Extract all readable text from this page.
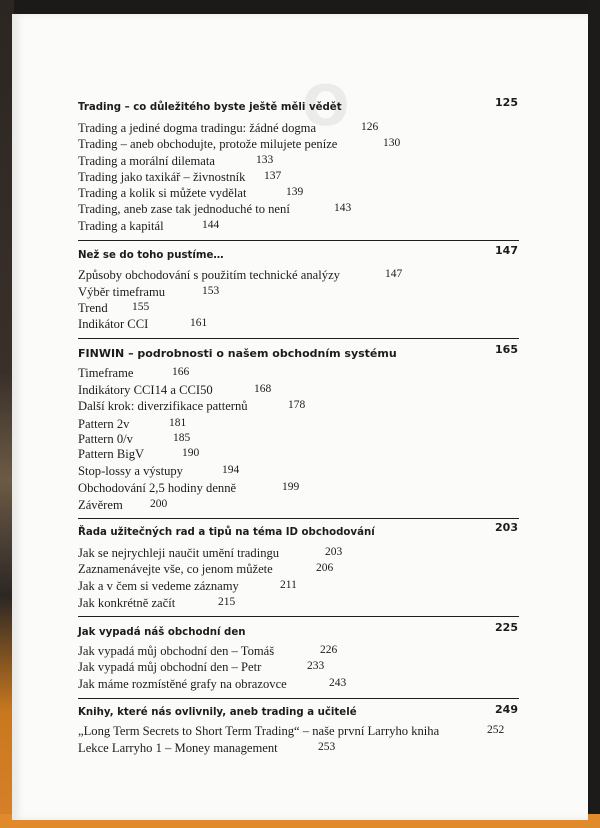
O
Trading – co důležitého byste ještě měli vědět	125
Trading a jediné dogma tradingu: žádné dogma	126
Trading – aneb obchodujte, protože milujete peníze	130
Trading a morální dilemata	133
Trading jako taxikář – živnostník 137
Trading a kolik si můžete vydělat	139
Trading, aneb zase tak jednoduché to není	143
Trading a kapitál	144
Než se do toho pustíme…	147
Způsoby obchodování s použitím technické analýzy	147
Výběr timeframu	153
Trend 155
Indikátor CCI	161
FINWIN – podrobnosti o našem obchodním systému	165
Timeframe	166
Indikátory CCI14 a CCI50	168
Další krok: diverzifikace patternů	178
Pattern 2v	181
Pattern 0/v	185
Pattern BigV	190
Stop-lossy a výstupy	194
Obchodování 2,5 hodiny denně	199
Závěrem 200
Řada užitečných rad a tipů na téma ID obchodování	203
Jak se nejrychleji naučit umění tradingu	203
Zaznamenávejte vše, co jenom můžete	206
Jak a v čem si vedeme záznamy	211
Jak konkrétně začít	215
Jak vypadá náš obchodní den	225
Jak vypadá můj obchodní den – Tomáš	226
Jak vypadá můj obchodní den – Petr	233
Jak máme rozmístěné grafy na obrazovce	243
Knihy, které nás ovlivnily, aneb trading a učitelé	249
„Long Term Secrets to Short Term Trading“ – naše první Larryho kniha	252
Lekce Larryho 1 – Money management	253
